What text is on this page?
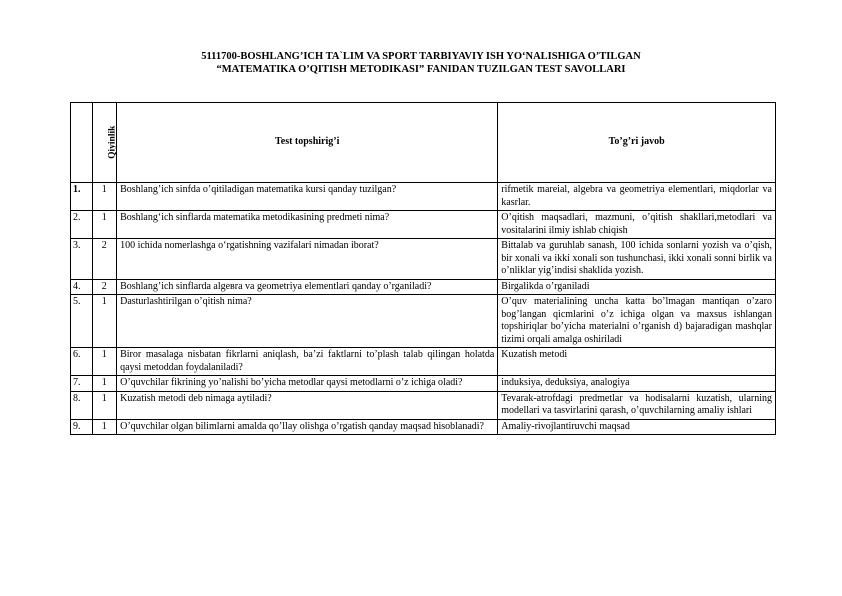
5111700-BOSHLANG’ICH TA`LIM VA SPORT TARBIYAVIY ISH YO‘NALISHIGA O’TILGAN
“MATEMATIKA O’QITISH METODIKASI” FANIDAN TUZILGAN TEST SAVOLLARI
	Qiyinlik	Test topshirig’i	To’g’ri javob
1.	1	Boshlang’ich sinfda o’qitiladigan matematika kursi qanday tuzilgan?	rifmetik mareial, algebra va geometriya elementlari, miqdorlar va kasrlar.
2.	1	Boshlang‘ich sinflarda matematika metodikasining predmeti nima?	O’qitish maqsadlari, mazmuni, o’qitish shakllari,metodlari va vositalarini ilmiy ishlab chiqish
3.	2	100 ichida nomerlashga o‘rgatishning vazifalari nimadan iborat?	Bittalab va guruhlab sanash, 100 ichida sonlarni yozish va o’qish, bir xonali va ikki xonali son tushunchasi, ikki xonali sonni birlik va o’nliklar yig’indisi shaklida yozish.
4.	2	Boshlang’ich sinflarda algeвra va geometriya elementlari qanday o’rganiladi?	Birgalikda o’rganiladi
5.	1	Dasturlashtirilgan o’qitish nima?	O’quv materialining uncha katta bo’lmagan mantiqan o’zaro bog’langan qicmlarini o’z ichiga olgan va maxsus ishlangan topshiriqlar bo’yicha materialni o’rganish d) bajaradigan mashqlar tizimi orqali amalga oshiriladi
6.	1	Biror masalaga nisbatan fikrlarni aniqlash, ba’zi faktlarni to’plash talab qilingan holatda qaysi metoddan foydalaniladi?	Kuzatish metodi
7.	1	O’quvchilar fikrining yo’nalishi bo’yicha metodlar qaysi metodlarni o’z ichiga oladi?	induksiya, deduksiya, analogiya
8.	1	Kuzatish metodi deb nimaga aytiladi?	Tevarak-atrofdagi predmetlar va hodisalarni kuzatish, ularning modellari va tasvirlarini qarash, o’quvchilarning amaliy ishlari
9.	1	O’quvchilar olgan bilimlarni amalda qo’llay olishga o’rgatish qanday maqsad hisoblanadi?	Amaliy-rivojlantiruvchi maqsad
